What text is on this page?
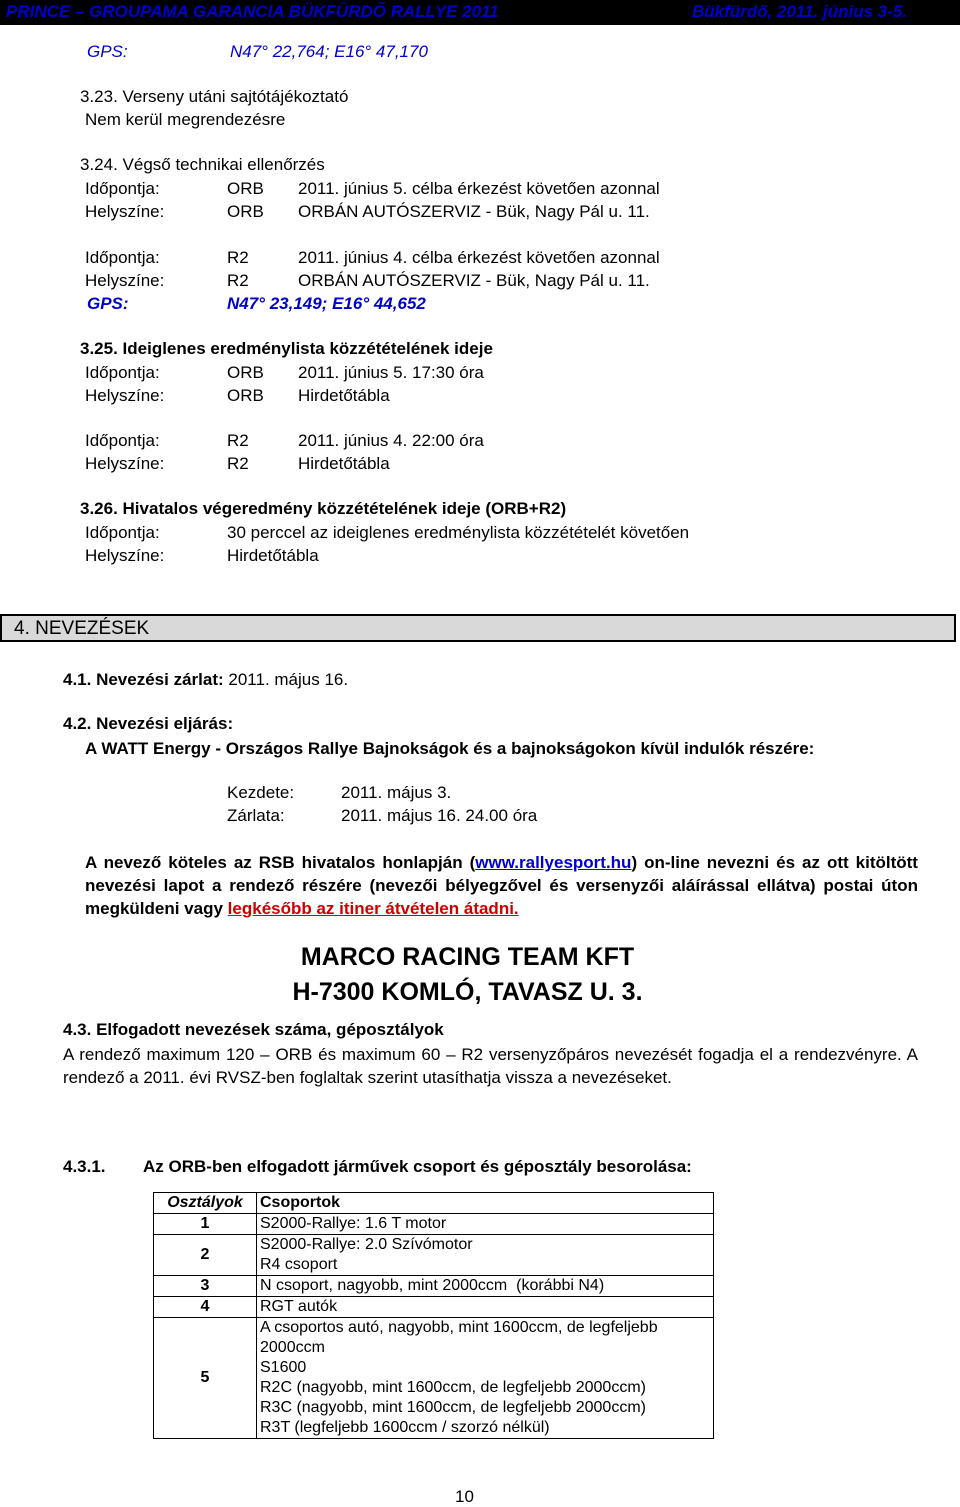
PRINCE – GROUPAMA GARANCIA BÜKFÜRDŐ RALLYE 2011	Bükfürdő, 2011. június 3-5.
GPS:	N47° 22,764; E16° 47,170
3.23. Verseny utáni sajtótájékoztató
Nem kerül megrendezésre
3.24. Végső technikai ellenőrzés
Időpontja:	ORB 2011. június 5. célba érkezést követően azonnal
Helyszíne:	ORB ORBÁN AUTÓSZERVIZ - Bük, Nagy Pál u. 11.
Időpontja:	R2	2011. június 4. célba érkezést követően azonnal
Helyszíne:	R2	ORBÁN AUTÓSZERVIZ - Bük, Nagy Pál u. 11.
GPS:	N47° 23,149; E16° 44,652
3.25. Ideiglenes eredménylista közzétételének ideje
Időpontja:	ORB 2011. június 5. 17:30 óra
Helyszíne:	ORB Hirdetőtábla
Időpontja:	R2	2011. június 4. 22:00 óra
Helyszíne:	R2	Hirdetőtábla
3.26. Hivatalos végeredmény közzétételének ideje (ORB+R2)
Időpontja:	30 perccel az ideiglenes eredménylista közzétételét követően
Helyszíne:	Hirdetőtábla
4. NEVEZÉSEK
4.1. Nevezési zárlat: 2011. május 16.
4.2. Nevezési eljárás:
A WATT Energy - Országos Rallye Bajnokságok és a bajnokságokon kívül indulók részére:
Kezdete:	2011. május 3.
Zárlata:	2011. május 16. 24.00 óra
A nevező köteles az RSB hivatalos honlapján (www.rallyesport.hu) on-line nevezni és az ott kitöltött nevezési lapot a rendező részére (nevezői bélyegzővel és versenyzői aláírással ellátva) postai úton megküldeni vagy legkésőbb az itiner átvételen átadni.
MARCO RACING TEAM KFT
H-7300 KOMLÓ, TAVASZ U. 3.
4.3. Elfogadott nevezések száma, géposztályok
A rendező maximum 120 – ORB és maximum 60 – R2 versenyzőpáros nevezését fogadja el a rendezvényre. A rendező a 2011. évi RVSZ-ben foglaltak szerint utasíthatja vissza a nevezéseket.
4.3.1. Az ORB-ben elfogadott járművek csoport és géposztály besorolása:
Osztályok	Csoportok
1	S2000-Rallye: 1.6 T motor

2	S2000-Rallye: 2.0 Szívómotor
R4 csoport

3	N csoport, nagyobb, mint 2000ccm  (korábbi N4)

4	RGT autók

5	A csoportos autó, nagyobb, mint 1600ccm, de legfeljebb 2000ccm
S1600
R2C (nagyobb, mint 1600ccm, de legfeljebb 2000ccm)
R3C (nagyobb, mint 1600ccm, de legfeljebb 2000ccm)
R3T (legfeljebb 1600ccm / szorzó nélkül)
10
